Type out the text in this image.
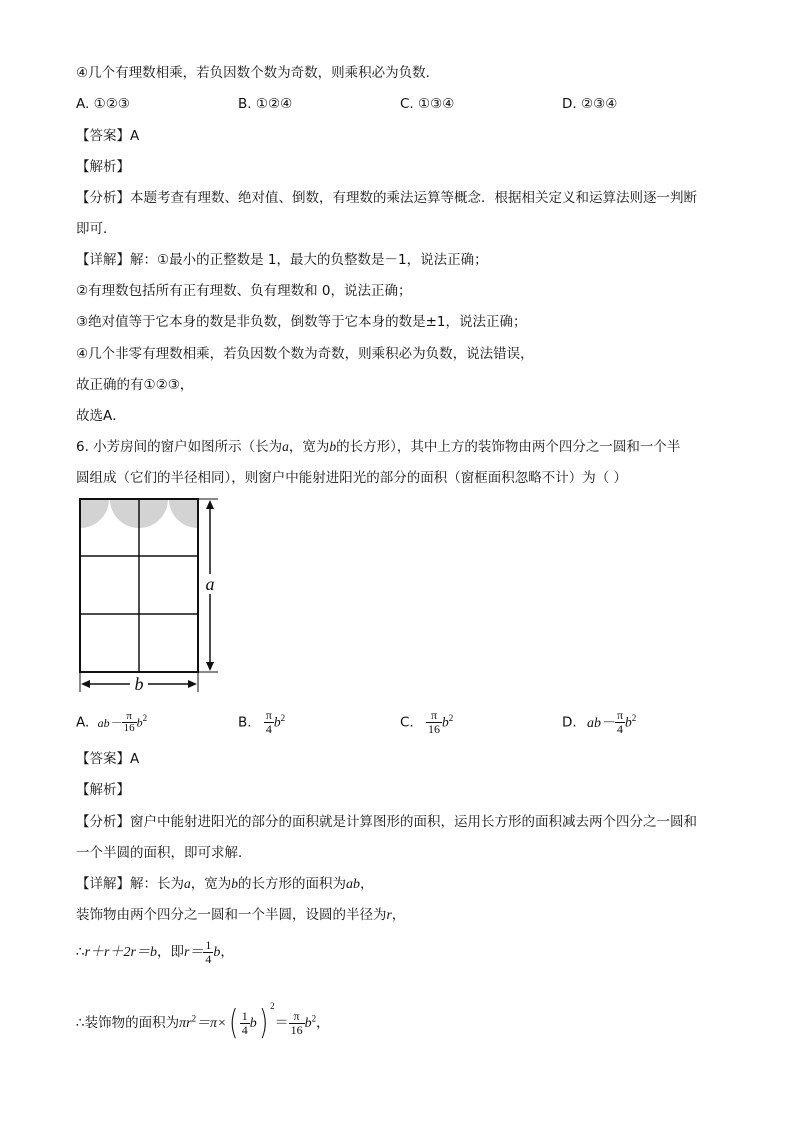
④几个有理数相乘，若负因数个数为奇数，则乘积必为负数．
A. ①②③	B. ①②④	C. ①③④	D. ②③④
【答案】A
【解析】
【分析】本题考查有理数、绝对值、倒数，有理数的乘法运算等概念．根据相关定义和运算法则逐一判断
即可．
【详解】解：①最小的正整数是 1，最大的负整数是－1，说法正确；
②有理数包括所有正有理数、负有理数和 0，说法正确；
③绝对值等于它本身的数是非负数，倒数等于它本身的数是±1，说法正确；
④几个非零有理数相乘，若负因数个数为奇数，则乘积必为负数，说法错误，
故正确的有①②③，
故选A．
6. 小芳房间的窗户如图所示（长为a，宽为b的长方形），其中上方的装饰物由两个四分之一圆和一个半
圆组成（它们的半径相同），则窗户中能射进阳光的部分的面积（窗框面积忽略不计）为（ ）
a
b
A. $ab- \frac{\pi}{16} b^2$	B. $\frac{\pi}{4} b^2$	C. $\frac{\pi}{16} b^2$	D. $ab- \frac{\pi}{4} b^2$
【答案】A
【解析】
【分析】窗户中能射进阳光的部分的面积就是计算图形的面积，运用长方形的面积减去两个四分之一圆和
一个半圆的面积，即可求解．
【详解】解：长为a，宽为b的长方形的面积为ab，
装饰物由两个四分之一圆和一个半圆，设圆的半径为r，
∴r＋r＋2r＝b，即$r= \frac{1}{4}$ b，
∴装饰物的面积为$\pi r^2=\pi\times( \frac{1}{4} b)$ $^2= \frac{\pi}{16} b^2$，
